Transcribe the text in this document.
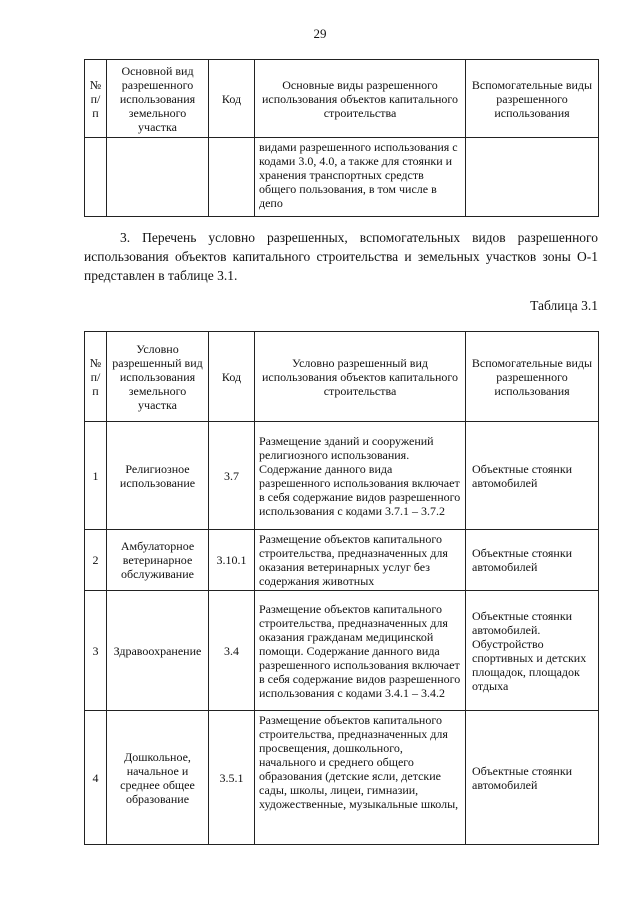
29
№ п/п	Основной вид разрешенного использования земельного участка	Код	Основные виды разрешенного использования объектов капитального строительства	Вспомогательные виды разрешенного использования
			видами разрешенного использования с кодами 3.0, 4.0, а также для стоянки и хранения транспортных средств общего пользования, в том числе в депо	

3. Перечень условно разрешенных, вспомогательных видов разрешенного использования объектов капитального строительства и земельных участков зоны О-1 представлен в таблице 3.1.

Таблица 3.1
№ п/п	Условно разрешенный вид использования земельного участка	Код	Условно разрешенный вид использования объектов капитального строительства	Вспомогательные виды разрешенного использования
1	Религиозное использование	3.7	Размещение зданий и сооружений религиозного использования. Содержание данного вида разрешенного использования включает в себя содержание видов разрешенного использования с кодами 3.7.1 – 3.7.2	Объектные стоянки автомобилей
2	Амбулаторное ветеринарное обслуживание	3.10.1	Размещение объектов капитального строительства, предназначенных для оказания ветеринарных услуг без содержания животных	Объектные стоянки автомобилей
3	Здравоохранение	3.4	Размещение объектов капитального строительства, предназначенных для оказания гражданам медицинской помощи. Содержание данного вида разрешенного использования включает в себя содержание видов разрешенного использования с кодами 3.4.1 – 3.4.2	Объектные стоянки автомобилей. Обустройство спортивных и детских площадок, площадок отдыха
4	Дошкольное, начальное и среднее общее образование	3.5.1	Размещение объектов капитального строительства, предназначенных для просвещения, дошкольного, начального и среднего общего образования (детские ясли, детские сады, школы, лицеи, гимназии, художественные, музыкальные школы,	Объектные стоянки автомобилей
